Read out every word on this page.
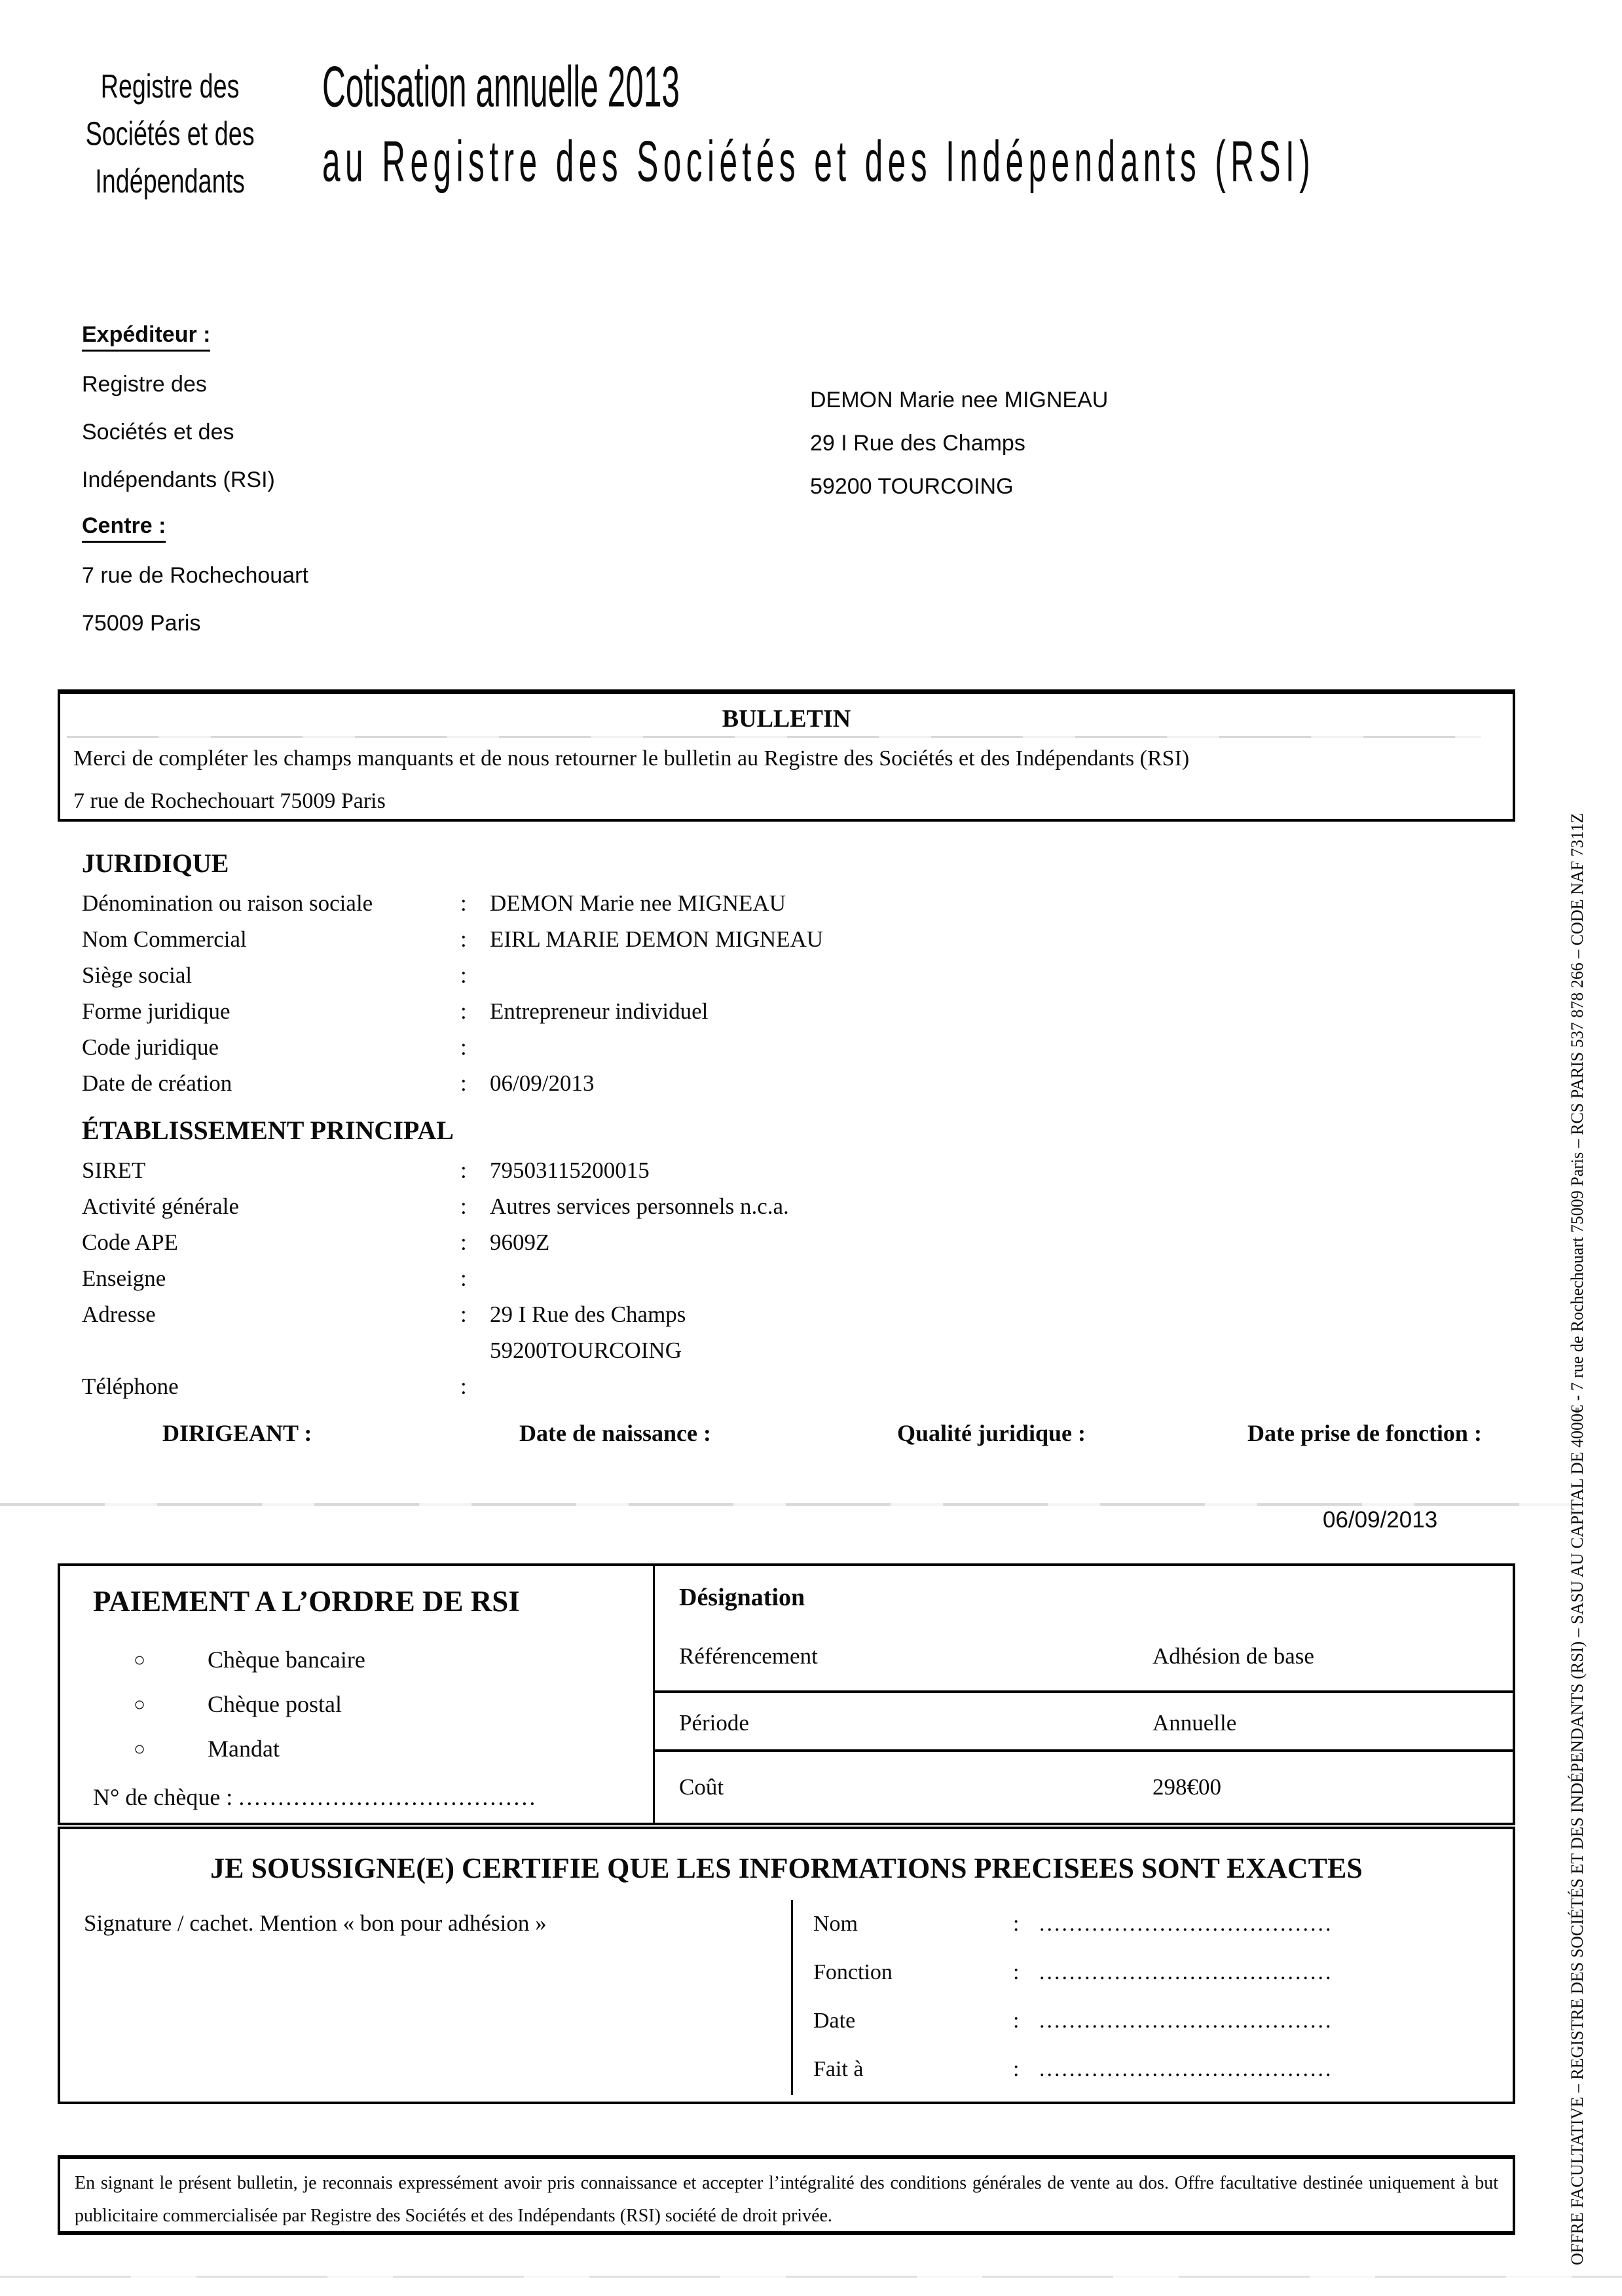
Registre des
Sociétés et des
Indépendants
Cotisation annuelle 2013
au Registre des Sociétés et des Indépendants (RSI)
Expéditeur :
Registre des
Sociétés et des
Indépendants (RSI)
Centre :
7 rue de Rochechouart
75009 Paris
DEMON Marie nee MIGNEAU
29 I Rue des Champs
59200 TOURCOING
BULLETIN
Merci de compléter les champs manquants et de nous retourner le bulletin au Registre des Sociétés et des Indépendants (RSI)
7 rue de Rochechouart 75009 Paris
JURIDIQUE
Dénomination ou raison sociale	:	DEMON Marie nee MIGNEAU
Nom Commercial	:	EIRL MARIE DEMON MIGNEAU
Siège social	:
Forme juridique	:	Entrepreneur individuel
Code juridique	:
Date de création	:	06/09/2013
ÉTABLISSEMENT PRINCIPAL
SIRET	:	79503115200015
Activité générale	:	Autres services personnels n.c.a.
Code APE	:	9609Z
Enseigne	:
Adresse	:	29 I Rue des Champs
59200TOURCOING
Téléphone	:
DIRIGEANT :	Date de naissance :	Qualité juridique :	Date prise de fonction :
06/09/2013
PAIEMENT A L’ORDRE DE RSI
○	Chèque bancaire
○	Chèque postal
○	Mandat
N° de chèque : ......................................
Désignation
Référencement	Adhésion de base
Période	Annuelle
Coût	298€00
JE SOUSSIGNE(E) CERTIFIE QUE LES INFORMATIONS PRECISEES SONT EXACTES
Signature / cachet. Mention « bon pour adhésion »	Nom	: .......................................
Fonction	: .......................................
Date	: .......................................
Fait à	: .......................................
En signant le présent bulletin, je reconnais expressément avoir pris connaissance et accepter l’intégralité des conditions générales de vente au dos. Offre facultative destinée uniquement à but publicitaire commercialisée par Registre des Sociétés et des Indépendants (RSI) société de droit privée.	OFFRE FACULTATIVE – REGISTRE DES SOCIÉTÉS ET DES INDÉPENDANTS (RSI) – SASU AU CAPITAL DE 4000€ - 7 rue de Rochechouart 75009 Paris – RCS PARIS 537 878 266 – CODE NAF 7311Z
